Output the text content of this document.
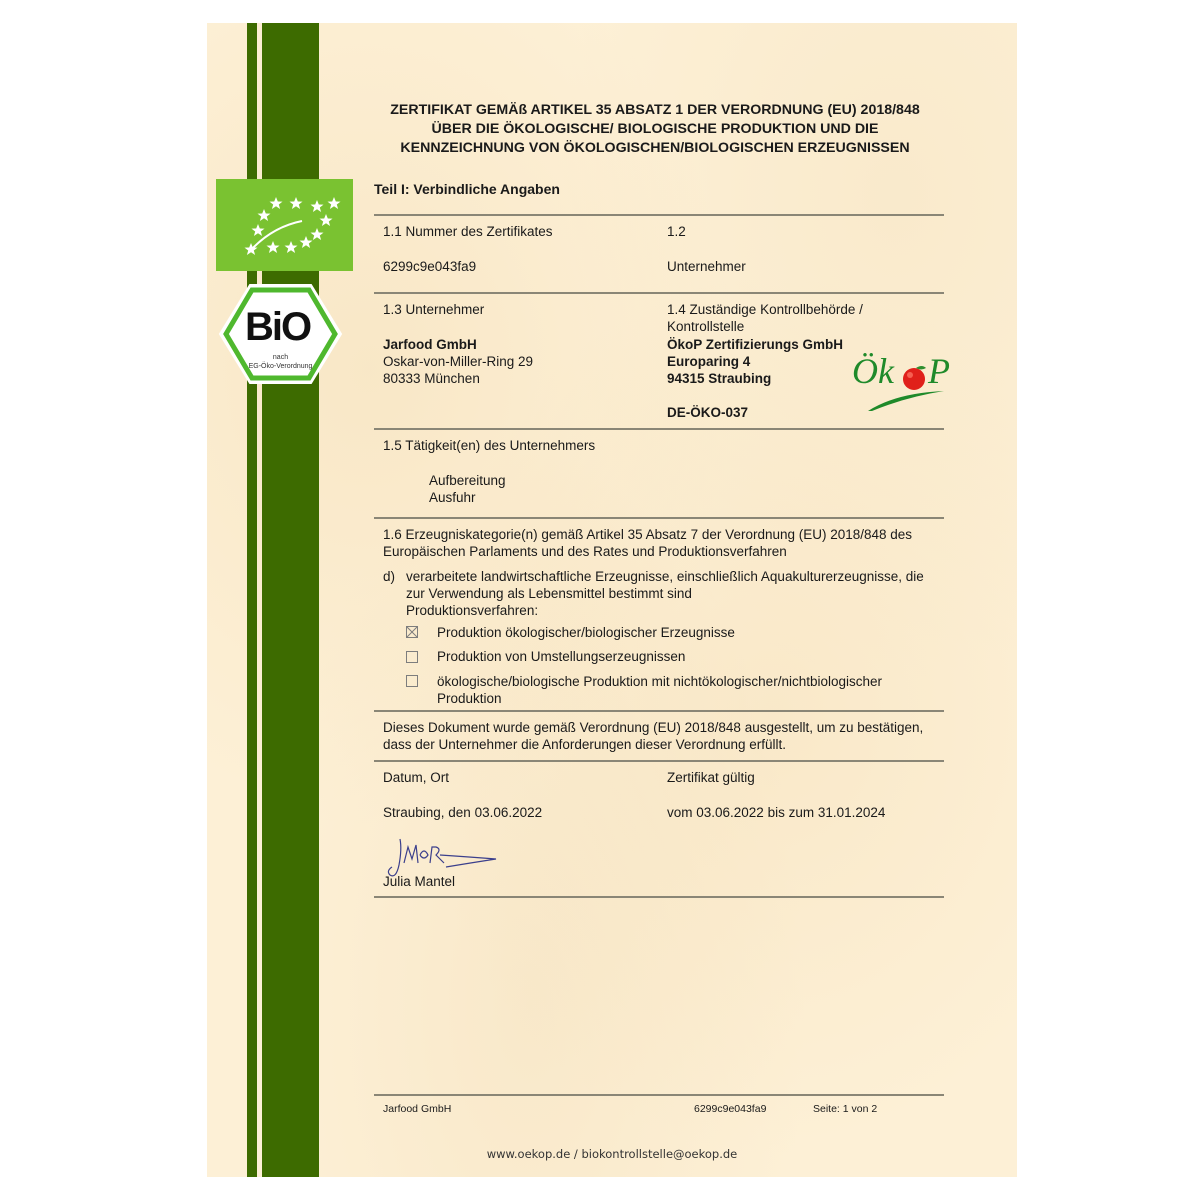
BiO
nach
EG-Öko-Verordnung
ZERTIFIKAT GEMÄß ARTIKEL 35 ABSATZ 1 DER VERORDNUNG (EU) 2018/848
ÜBER DIE ÖKOLOGISCHE/ BIOLOGISCHE PRODUKTION UND DIE
KENNZEICHNUNG VON ÖKOLOGISCHEN/BIOLOGISCHEN ERZEUGNISSEN
Teil I: Verbindliche Angaben
1.1 Nummer des Zertifikates
6299c9e043fa9
1.2
Unternehmer
1.3 Unternehmer
Jarfood GmbH
Oskar-von-Miller-Ring 29
80333 München
1.4 Zuständige Kontrollbehörde /
Kontrollstelle
ÖkoP Zertifizierungs GmbH
Europaring 4
94315 Straubing
DE-ÖKO-037
Ök P
1.5 Tätigkeit(en) des Unternehmers
Aufbereitung
Ausfuhr
1.6 Erzeugniskategorie(n) gemäß Artikel 35 Absatz 7 der Verordnung (EU) 2018/848 des
Europäischen Parlaments und des Rates und Produktionsverfahren
d) verarbeitete landwirtschaftliche Erzeugnisse, einschließlich Aquakulturerzeugnisse, die
zur Verwendung als Lebensmittel bestimmt sind
Produktionsverfahren:
Produktion ökologischer/biologischer Erzeugnisse
Produktion von Umstellungserzeugnissen
ökologische/biologische Produktion mit nichtökologischer/nichtbiologischer
Produktion
Dieses Dokument wurde gemäß Verordnung (EU) 2018/848 ausgestellt, um zu bestätigen,
dass der Unternehmer die Anforderungen dieser Verordnung erfüllt.
Datum, Ort
Straubing, den 03.06.2022
Zertifikat gültig
vom 03.06.2022 bis zum 31.01.2024
Julia Mantel
Jarfood GmbH	6299c9e043fa9	Seite: 1 von 2
www.oekop.de / biokontrollstelle@oekop.de
